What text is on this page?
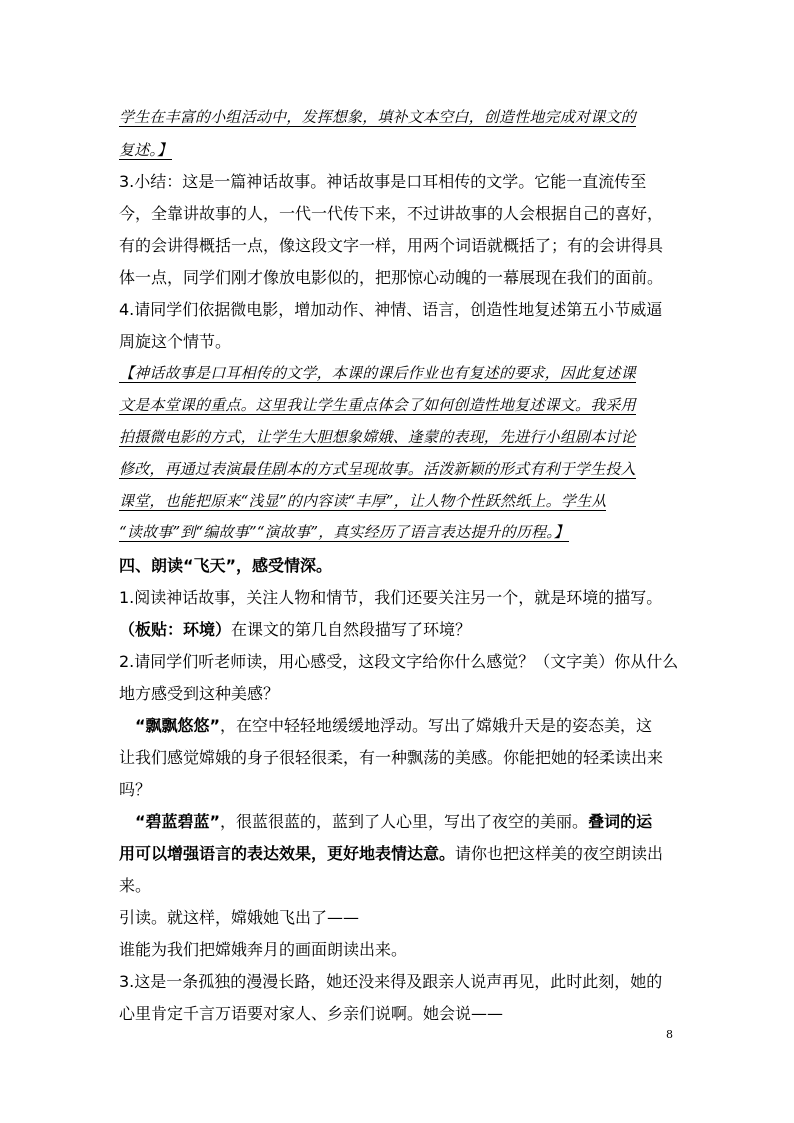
学生在丰富的小组活动中，发挥想象，填补文本空白，创造性地完成对课文的
复述。】
3.小结：这是一篇神话故事。神话故事是口耳相传的文学。它能一直流传至
今，全靠讲故事的人，一代一代传下来，不过讲故事的人会根据自己的喜好，
有的会讲得概括一点，像这段文字一样，用两个词语就概括了；有的会讲得具
体一点，同学们刚才像放电影似的，把那惊心动魄的一幕展现在我们的面前。
4.请同学们依据微电影，增加动作、神情、语言，创造性地复述第五小节威逼
周旋这个情节。
【神话故事是口耳相传的文学，本课的课后作业也有复述的要求，因此复述课
文是本堂课的重点。这里我让学生重点体会了如何创造性地复述课文。我采用
拍摄微电影的方式，让学生大胆想象嫦娥、逢蒙的表现，先进行小组剧本讨论
修改，再通过表演最佳剧本的方式呈现故事。活泼新颖的形式有利于学生投入
课堂，也能把原来“浅显”的内容读“丰厚”，让人物个性跃然纸上。学生从
“读故事”到“编故事”“演故事”，真实经历了语言表达提升的历程。】
四、朗读“飞天”，感受情深。
1.阅读神话故事，关注人物和情节，我们还要关注另一个，就是环境的描写。
（板贴：环境）在课文的第几自然段描写了环境？
2.请同学们听老师读，用心感受，这段文字给你什么感觉？（文字美）你从什么
地方感受到这种美感？
“飘飘悠悠”，在空中轻轻地缓缓地浮动。写出了嫦娥升天是的姿态美，这
让我们感觉嫦娥的身子很轻很柔，有一种飘荡的美感。你能把她的轻柔读出来
吗？
“碧蓝碧蓝”，很蓝很蓝的，蓝到了人心里，写出了夜空的美丽。叠词的运
用可以增强语言的表达效果，更好地表情达意。请你也把这样美的夜空朗读出
来。
引读。就这样，嫦娥她飞出了——
谁能为我们把嫦娥奔月的画面朗读出来。
3.这是一条孤独的漫漫长路，她还没来得及跟亲人说声再见，此时此刻，她的
心里肯定千言万语要对家人、乡亲们说啊。她会说——
8
